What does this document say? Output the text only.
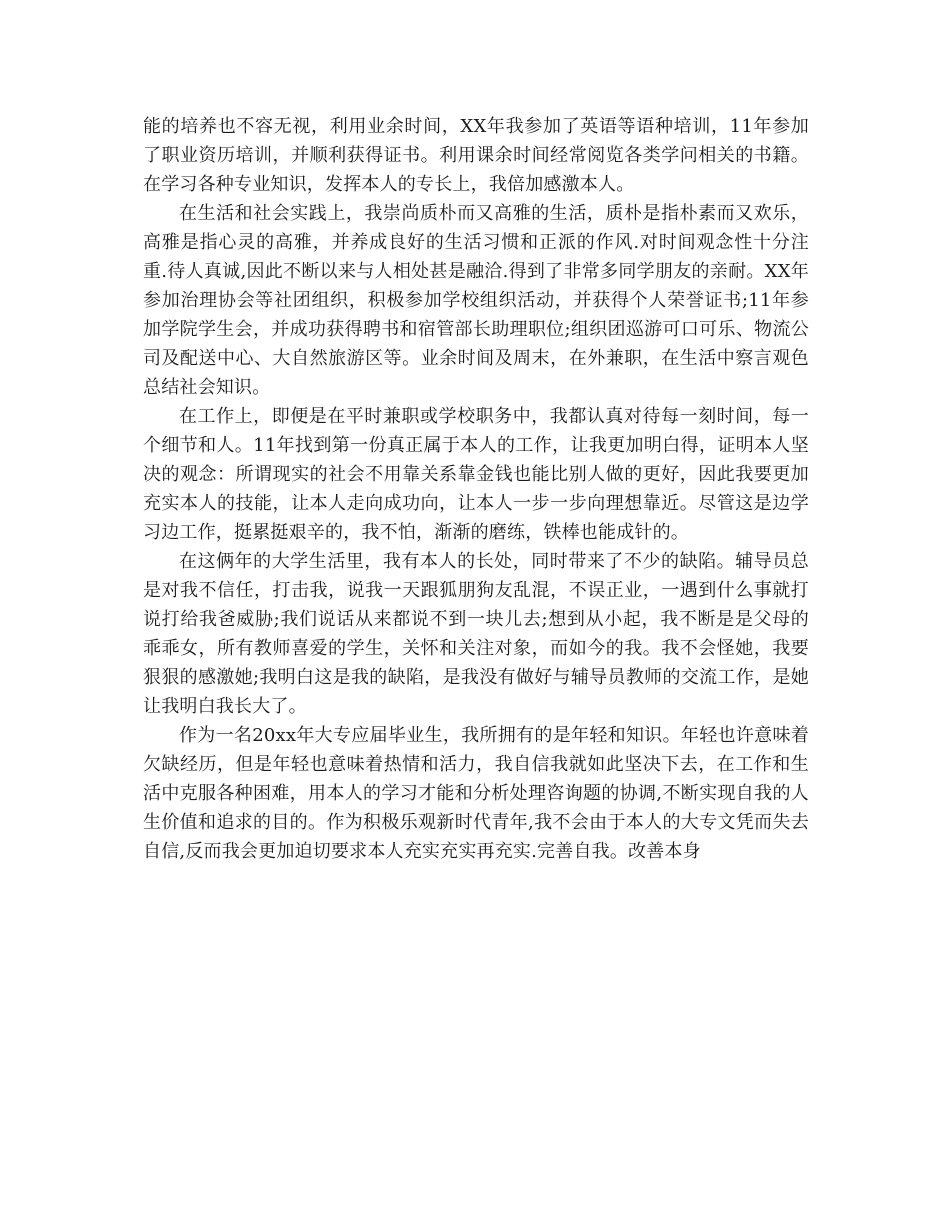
能的培养也不容无视，利用业余时间，XX年我参加了英语等语种培训，11年参加了职业资历培训，并顺利获得证书。利用课余时间经常阅览各类学问相关的书籍。在学习各种专业知识，发挥本人的专长上，我倍加感激本人。

在生活和社会实践上，我崇尚质朴而又高雅的生活，质朴是指朴素而又欢乐，高雅是指心灵的高雅，并养成良好的生活习惯和正派的作风.对时间观念性十分注重.待人真诚,因此不断以来与人相处甚是融洽.得到了非常多同学朋友的亲耐。XX年参加治理协会等社团组织，积极参加学校组织活动，并获得个人荣誉证书;11年参加学院学生会，并成功获得聘书和宿管部长助理职位;组织团巡游可口可乐、物流公司及配送中心、大自然旅游区等。业余时间及周末，在外兼职，在生活中察言观色总结社会知识。

在工作上，即便是在平时兼职或学校职务中，我都认真对待每一刻时间，每一个细节和人。11年找到第一份真正属于本人的工作，让我更加明白得，证明本人坚决的观念：所谓现实的社会不用靠关系靠金钱也能比别人做的更好，因此我要更加充实本人的技能，让本人走向成功向，让本人一步一步向理想靠近。尽管这是边学习边工作，挺累挺艰辛的，我不怕，渐渐的磨练，铁棒也能成针的。

在这俩年的大学生活里，我有本人的长处，同时带来了不少的缺陷。辅导员总是对我不信任，打击我，说我一天跟狐朋狗友乱混，不误正业，一遇到什么事就打说打给我爸威胁;我们说话从来都说不到一块儿去;想到从小起，我不断是是父母的乖乖女，所有教师喜爱的学生，关怀和关注对象，而如今的我。我不会怪她，我要狠狠的感激她;我明白这是我的缺陷，是我没有做好与辅导员教师的交流工作，是她让我明白我长大了。

作为一名20xx年大专应届毕业生，我所拥有的是年轻和知识。年轻也许意味着欠缺经历，但是年轻也意味着热情和活力，我自信我就如此坚决下去，在工作和生活中克服各种困难，用本人的学习才能和分析处理咨询题的协调,不断实现自我的人生价值和追求的目的。作为积极乐观新时代青年,我不会由于本人的大专文凭而失去自信,反而我会更加迫切要求本人充实充实再充实.完善自我。改善本身
